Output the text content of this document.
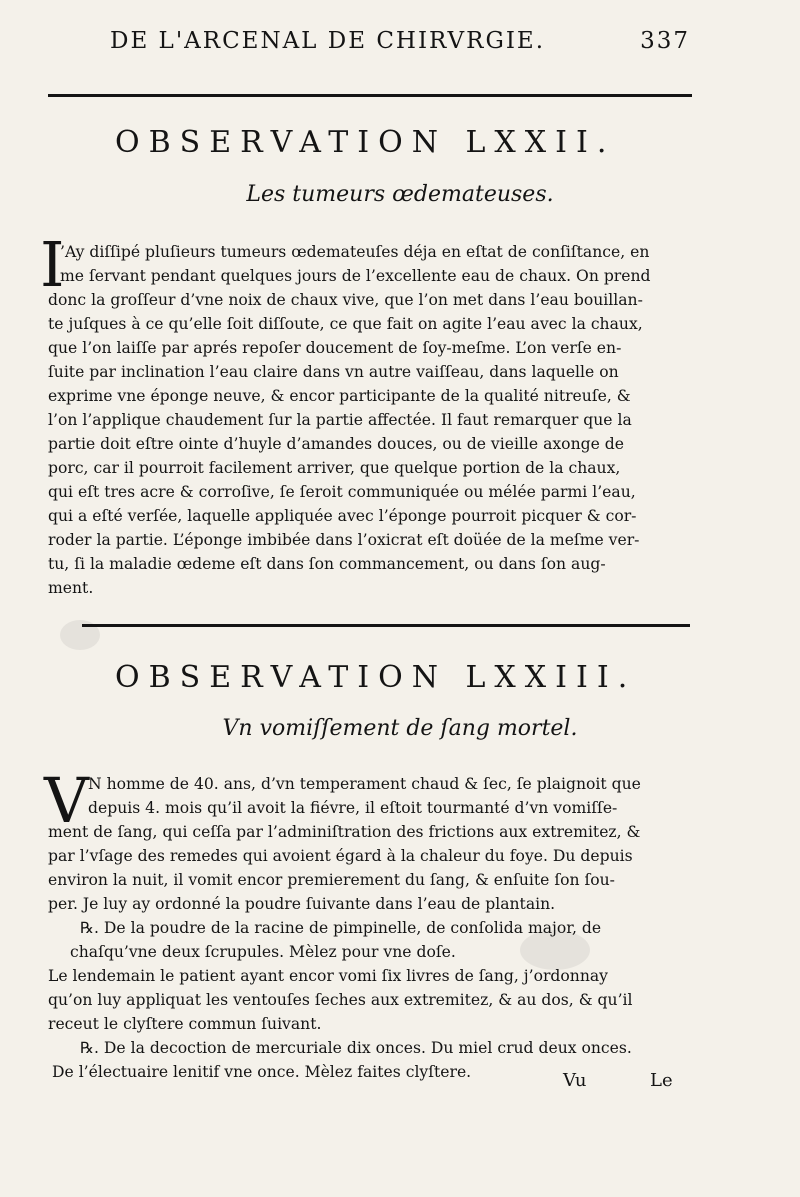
DE L'ARCENAL DE CHIRVRGIE.	337
OBSERVATION LXXII.
Les tumeurs œdemateuses.
I
’Ay diſſipé pluſieurs tumeurs œdemateuſes déja en eſtat de conſiſtance, en
me ſervant pendant quelques jours de l’excellente eau de chaux. On prend
donc la groſſeur d’vne noix de chaux vive, que l’on met dans l’eau bouillan-
te juſques à ce qu’elle ſoit diſſoute, ce que fait on agite l’eau avec la chaux,
que l’on laiſſe par aprés repoſer doucement de ſoy-meſme. L’on verſe en-
ſuite par inclination l’eau claire dans vn autre vaiſſeau, dans laquelle on
exprime vne éponge neuve, & encor participante de la qualité nitreuſe, &
l’on l’applique chaudement ſur la partie affectée. Il faut remarquer que la
partie doit eſtre ointe d’huyle d’amandes douces, ou de vieille axonge de
porc, car il pourroit facilement arriver, que quelque portion de la chaux,
qui eſt tres acre & corroſive, ſe ſeroit communiquée ou mélée parmi l’eau,
qui a eſté verſée, laquelle appliquée avec l’éponge pourroit picquer & cor-
roder la partie. L’éponge imbibée dans l’oxicrat eſt doüée de la meſme ver-
tu, ſi la maladie œdeme eſt dans ſon commancement, ou dans ſon aug-
ment.
OBSERVATION LXXIII.
Vn vomiſſement de ſang mortel.
V N homme de 40. ans, d’vn temperament chaud & ſec, ſe plaignoit que
depuis 4. mois qu’il avoit la fiévre, il eſtoit tourmanté d’vn vomiſſe-
ment de ſang, qui ceſſa par l’adminiſtration des frictions aux extremitez, &
par l’vſage des remedes qui avoient égard à la chaleur du foye. Du depuis
environ la nuit, il vomit encor premierement du ſang, & enſuite ſon ſou-
per. Je luy ay ordonné la poudre ſuivante dans l’eau de plantain.
℞. De la poudre de la racine de pimpinelle, de conſolida major, de
chaſqu’vne deux ſcrupules. Mèlez pour vne doſe.
Le lendemain le patient ayant encor vomi ſix livres de ſang, j’ordonnay
qu’on luy appliquat les ventouſes ſeches aux extremitez, & au dos, & qu’il
receut le clyſtere commun ſuivant.
℞. De la decoction de mercuriale dix onces. Du miel crud deux onces.
De l’électuaire lenitif vne once. Mèlez faites clyſtere.	Vu	Le
